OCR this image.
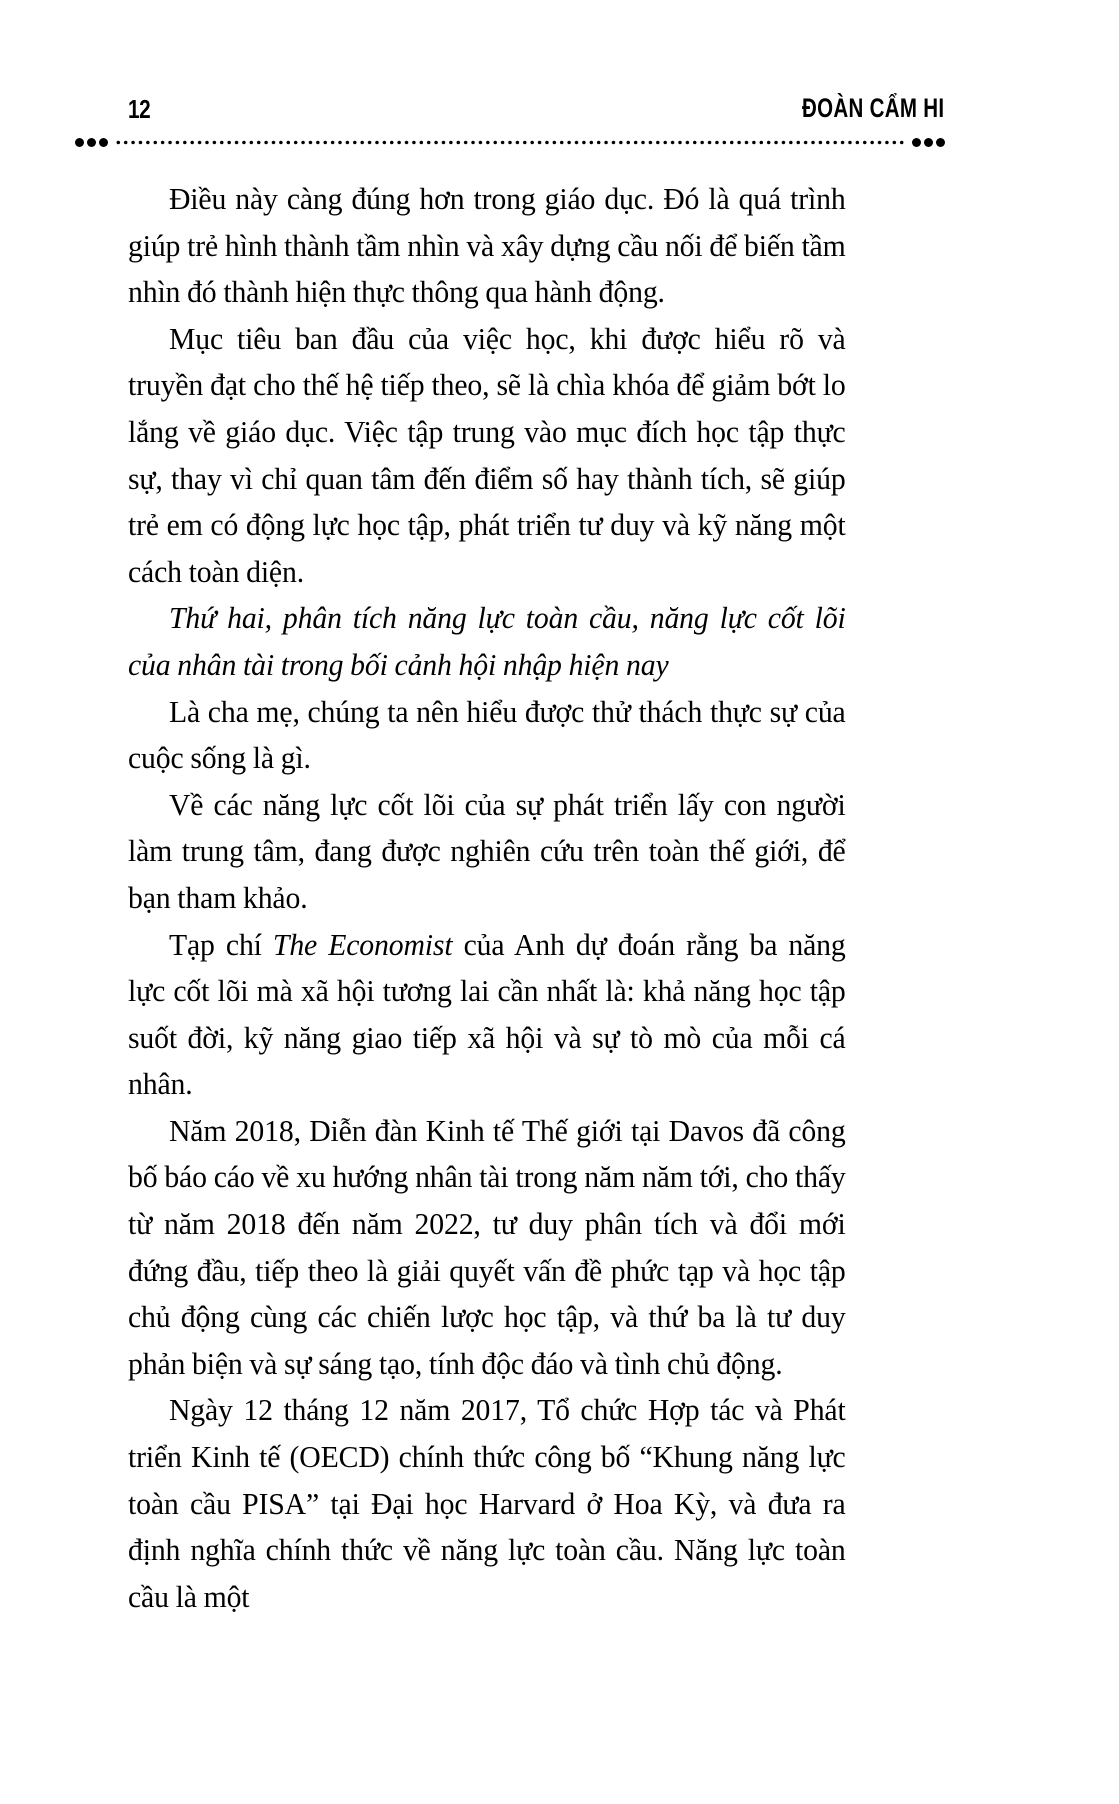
12	ĐOÀN CẨM HI

Điều này càng đúng hơn trong giáo dục. Đó là quá trình giúp trẻ hình thành tầm nhìn và xây dựng cầu nối để biến tầm nhìn đó thành hiện thực thông qua hành động.

Mục tiêu ban đầu của việc học, khi được hiểu rõ và truyền đạt cho thế hệ tiếp theo, sẽ là chìa khóa để giảm bớt lo lắng về giáo dục. Việc tập trung vào mục đích học tập thực sự, thay vì chỉ quan tâm đến điểm số hay thành tích, sẽ giúp trẻ em có động lực học tập, phát triển tư duy và kỹ năng một cách toàn diện.

Thứ hai, phân tích năng lực toàn cầu, năng lực cốt lõi của nhân tài trong bối cảnh hội nhập hiện nay

Là cha mẹ, chúng ta nên hiểu được thử thách thực sự của cuộc sống là gì.

Về các năng lực cốt lõi của sự phát triển lấy con người làm trung tâm, đang được nghiên cứu trên toàn thế giới, để bạn tham khảo.

Tạp chí The Economist của Anh dự đoán rằng ba năng lực cốt lõi mà xã hội tương lai cần nhất là: khả năng học tập suốt đời, kỹ năng giao tiếp xã hội và sự tò mò của mỗi cá nhân.

Năm 2018, Diễn đàn Kinh tế Thế giới tại Davos đã công bố báo cáo về xu hướng nhân tài trong năm năm tới, cho thấy từ năm 2018 đến năm 2022, tư duy phân tích và đổi mới đứng đầu, tiếp theo là giải quyết vấn đề phức tạp và học tập chủ động cùng các chiến lược học tập, và thứ ba là tư duy phản biện và sự sáng tạo, tính độc đáo và tình chủ động.

Ngày 12 tháng 12 năm 2017, Tổ chức Hợp tác và Phát triển Kinh tế (OECD) chính thức công bố “Khung năng lực toàn cầu PISA” tại Đại học Harvard ở Hoa Kỳ, và đưa ra định nghĩa chính thức về năng lực toàn cầu. Năng lực toàn cầu là một
